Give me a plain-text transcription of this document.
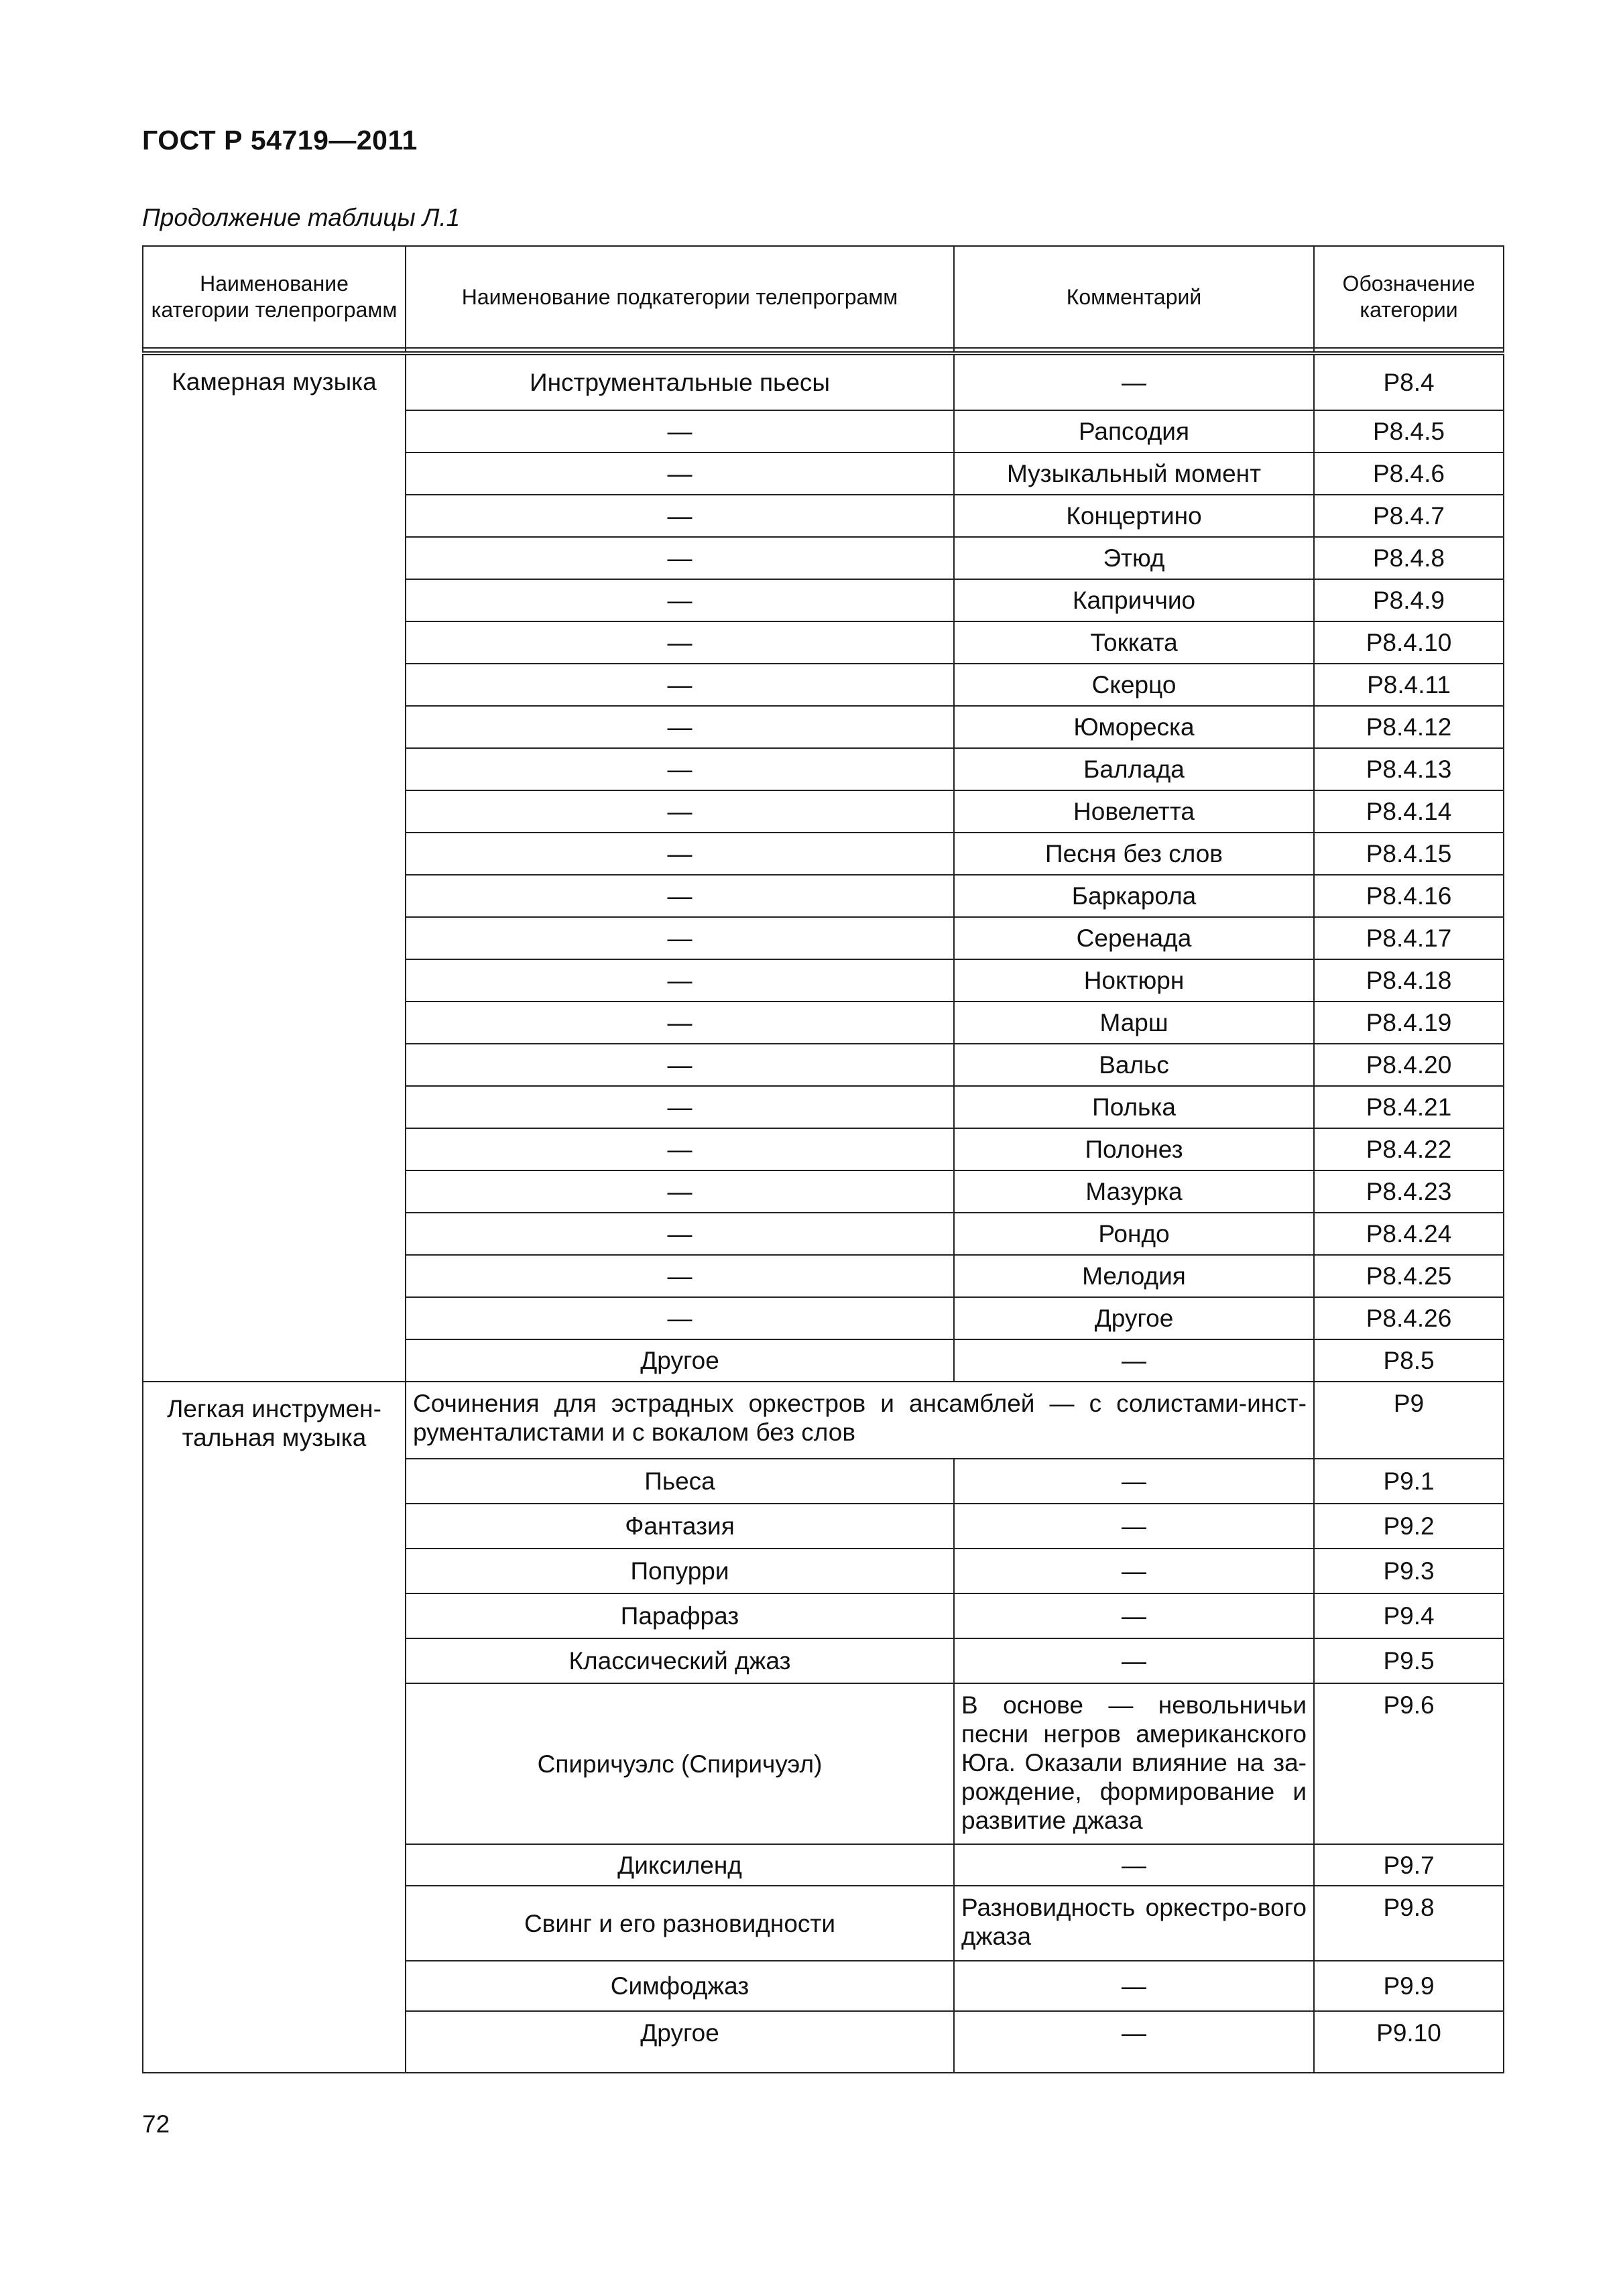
ГОСТ Р 54719—2011
Продолжение таблицы Л.1
Наименование категории телепрограмм	Наименование подкатегории телепрограмм	Комментарий	Обозначение категории

Камерная музыка	Инструментальные пьесы	—	P8.4
	—	Рапсодия	P8.4.5
	—	Музыкальный момент	P8.4.6
	—	Концертино	P8.4.7
	—	Этюд	P8.4.8
	—	Каприччио	P8.4.9
	—	Токката	P8.4.10
	—	Скерцо	P8.4.11
	—	Юмореска	P8.4.12
	—	Баллада	P8.4.13
	—	Новелетта	P8.4.14
	—	Песня без слов	P8.4.15
	—	Баркарола	P8.4.16
	—	Серенада	P8.4.17
	—	Ноктюрн	P8.4.18
	—	Марш	P8.4.19
	—	Вальс	P8.4.20
	—	Полька	P8.4.21
	—	Полонез	P8.4.22
	—	Мазурка	P8.4.23
	—	Рондо	P8.4.24
	—	Мелодия	P8.4.25
	—	Другое	P8.4.26
	Другое	—	P8.5
Легкая инструмен-тальная музыка	Сочинения для эстрадных оркестров и ансамблей — с солистами-инст-рументалистами и с вокалом без слов		P9
	Пьеса	—	P9.1
	Фантазия	—	P9.2
	Попурри	—	P9.3
	Парафраз	—	P9.4
	Классический джаз	—	P9.5
	Спиричуэлс (Спиричуэл)	В основе — невольничьи песни негров американского Юга. Оказали влияние на за-рождение, формирование и развитие джаза	P9.6
	Диксиленд	—	P9.7
	Свинг и его разновидности	Разновидность оркестро-вого джаза	P9.8
	Симфоджаз	—	P9.9
	Другое	—	P9.10
72
